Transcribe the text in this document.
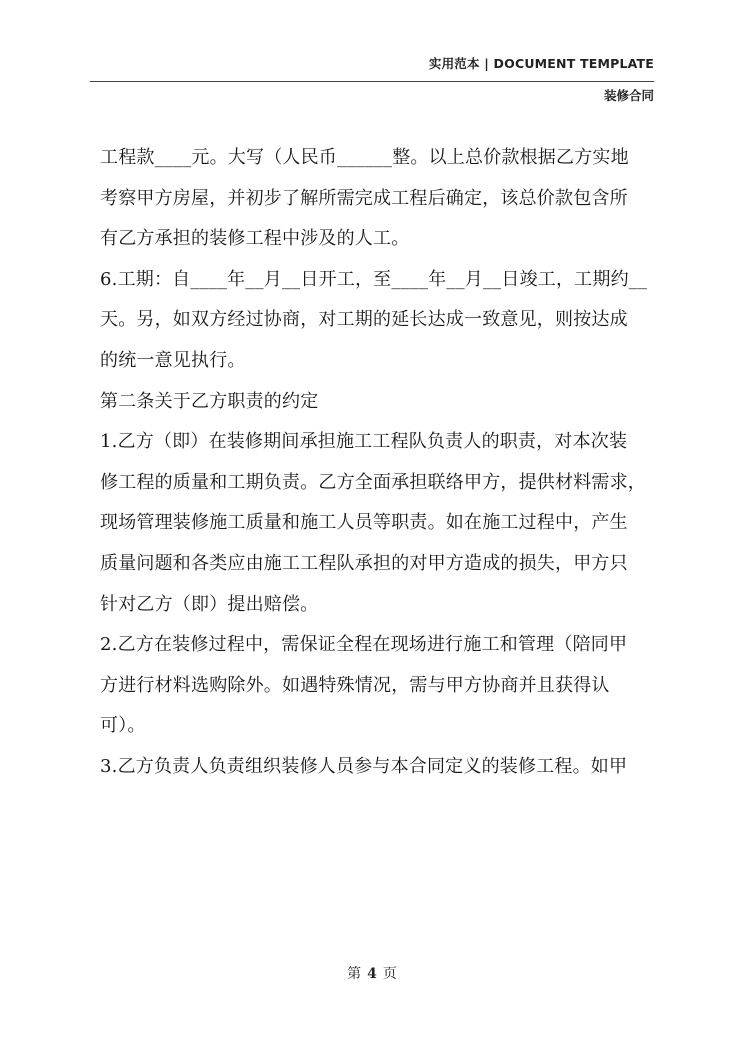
实用范本 | DOCUMENT TEMPLATE
装修合同

工程款____元。大写（人民币______整。以上总价款根据乙方实地

考察甲方房屋，并初步了解所需完成工程后确定，该总价款包含所

有乙方承担的装修工程中涉及的人工。

6.工期：自____年__月__日开工，至____年__月__日竣工，工期约__

天。另，如双方经过协商，对工期的延长达成一致意见，则按达成

的统一意见执行。

第二条关于乙方职责的约定

1.乙方（即）在装修期间承担施工工程队负责人的职责，对本次装

修工程的质量和工期负责。乙方全面承担联络甲方，提供材料需求，

现场管理装修施工质量和施工人员等职责。如在施工过程中，产生

质量问题和各类应由施工工程队承担的对甲方造成的损失，甲方只

针对乙方（即）提出赔偿。

2.乙方在装修过程中，需保证全程在现场进行施工和管理（陪同甲

方进行材料选购除外。如遇特殊情况，需与甲方协商并且获得认

可）。

3.乙方负责人负责组织装修人员参与本合同定义的装修工程。如甲

第 4 页
